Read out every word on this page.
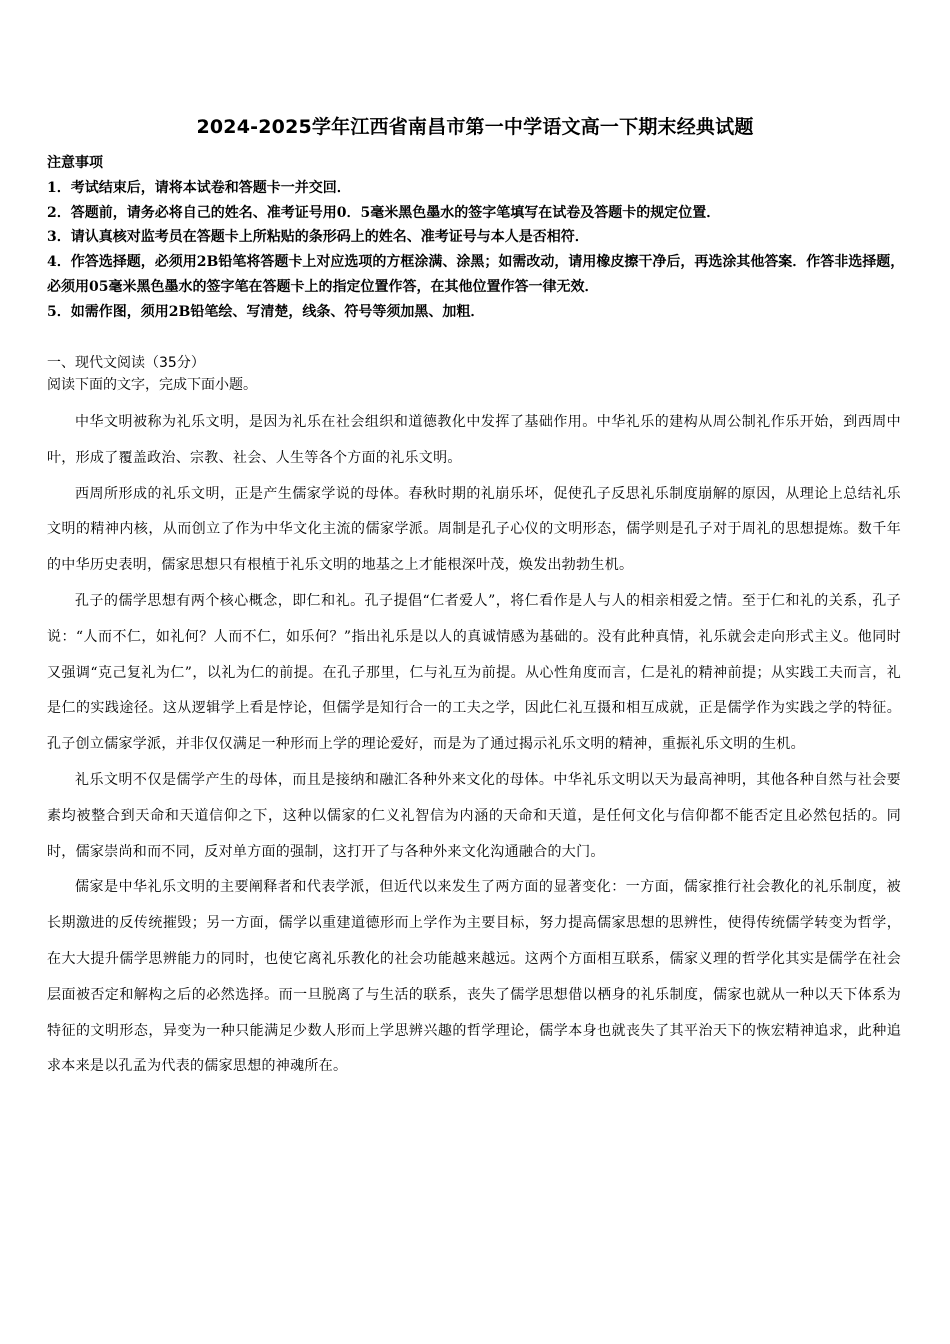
2024-2025学年江西省南昌市第一中学语文高一下期末经典试题
注意事项
1．考试结束后，请将本试卷和答题卡一并交回．
2．答题前，请务必将自己的姓名、准考证号用0．5毫米黑色墨水的签字笔填写在试卷及答题卡的规定位置．
3．请认真核对监考员在答题卡上所粘贴的条形码上的姓名、准考证号与本人是否相符．
4．作答选择题，必须用2B铅笔将答题卡上对应选项的方框涂满、涂黑；如需改动，请用橡皮擦干净后，再选涂其他答案．作答非选择题，必须用05毫米黑色墨水的签字笔在答题卡上的指定位置作答，在其他位置作答一律无效．
5．如需作图，须用2B铅笔绘、写清楚，线条、符号等须加黑、加粗．
一、现代文阅读（35分）
阅读下面的文字，完成下面小题。

中华文明被称为礼乐文明，是因为礼乐在社会组织和道德教化中发挥了基础作用。中华礼乐的建构从周公制礼作乐开始，到西周中叶，形成了覆盖政治、宗教、社会、人生等各个方面的礼乐文明。

西周所形成的礼乐文明，正是产生儒家学说的母体。春秋时期的礼崩乐坏，促使孔子反思礼乐制度崩解的原因，从理论上总结礼乐文明的精神内核，从而创立了作为中华文化主流的儒家学派。周制是孔子心仪的文明形态，儒学则是孔子对于周礼的思想提炼。数千年的中华历史表明，儒家思想只有根植于礼乐文明的地基之上才能根深叶茂，焕发出勃勃生机。

孔子的儒学思想有两个核心概念，即仁和礼。孔子提倡“仁者爱人”，将仁看作是人与人的相亲相爱之情。至于仁和礼的关系，孔子说：“人而不仁，如礼何？人而不仁，如乐何？”指出礼乐是以人的真诚情感为基础的。没有此种真情，礼乐就会走向形式主义。他同时又强调“克己复礼为仁”，以礼为仁的前提。在孔子那里，仁与礼互为前提。从心性角度而言，仁是礼的精神前提；从实践工夫而言，礼是仁的实践途径。这从逻辑学上看是悖论，但儒学是知行合一的工夫之学，因此仁礼互摄和相互成就，正是儒学作为实践之学的特征。孔子创立儒家学派，并非仅仅满足一种形而上学的理论爱好，而是为了通过揭示礼乐文明的精神，重振礼乐文明的生机。

礼乐文明不仅是儒学产生的母体，而且是接纳和融汇各种外来文化的母体。中华礼乐文明以天为最高神明，其他各种自然与社会要素均被整合到天命和天道信仰之下，这种以儒家的仁义礼智信为内涵的天命和天道，是任何文化与信仰都不能否定且必然包括的。同时，儒家崇尚和而不同，反对单方面的强制，这打开了与各种外来文化沟通融合的大门。

儒家是中华礼乐文明的主要阐释者和代表学派，但近代以来发生了两方面的显著变化：一方面，儒家推行社会教化的礼乐制度，被长期激进的反传统摧毁；另一方面，儒学以重建道德形而上学作为主要目标，努力提高儒家思想的思辨性，使得传统儒学转变为哲学，在大大提升儒学思辨能力的同时，也使它离礼乐教化的社会功能越来越远。这两个方面相互联系，儒家义理的哲学化其实是儒学在社会层面被否定和解构之后的必然选择。而一旦脱离了与生活的联系，丧失了儒学思想借以栖身的礼乐制度，儒家也就从一种以天下体系为特征的文明形态，异变为一种只能满足少数人形而上学思辨兴趣的哲学理论，儒学本身也就丧失了其平治天下的恢宏精神追求，此种追求本来是以孔孟为代表的儒家思想的神魂所在。
